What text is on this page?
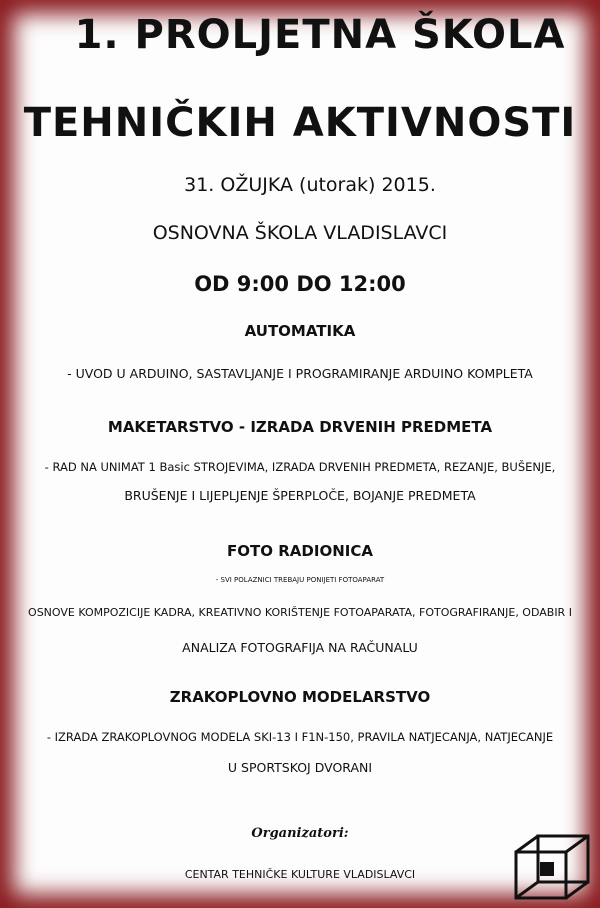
1. PROLJETNA ŠKOLA
TEHNIČKIH AKTIVNOSTI
31. OŽUJKA (utorak) 2015.
OSNOVNA ŠKOLA VLADISLAVCI
OD 9:00 DO 12:00
AUTOMATIKA
- UVOD U ARDUINO, SASTAVLJANJE I PROGRAMIRANJE ARDUINO KOMPLETA
MAKETARSTVO - IZRADA DRVENIH PREDMETA
- RAD NA UNIMAT 1 Basic STROJEVIMA, IZRADA DRVENIH PREDMETA, REZANJE, BUŠENJE,
BRUŠENJE I LIJEPLJENJE ŠPERPLOČE, BOJANJE PREDMETA
FOTO RADIONICA
- SVI POLAZNICI TREBAJU PONIJETI FOTOAPARAT
OSNOVE KOMPOZICIJE KADRA, KREATIVNO KORIŠTENJE FOTOAPARATA, FOTOGRAFIRANJE, ODABIR I
ANALIZA FOTOGRAFIJA NA RAČUNALU
ZRAKOPLOVNO MODELARSTVO
- IZRADA ZRAKOPLOVNOG MODELA SKI-13 I F1N-150, PRAVILA NATJECANJA, NATJECANJE
U SPORTSKOJ DVORANI
Organizatori:
CENTAR TEHNIČKE KULTURE VLADISLAVCI
